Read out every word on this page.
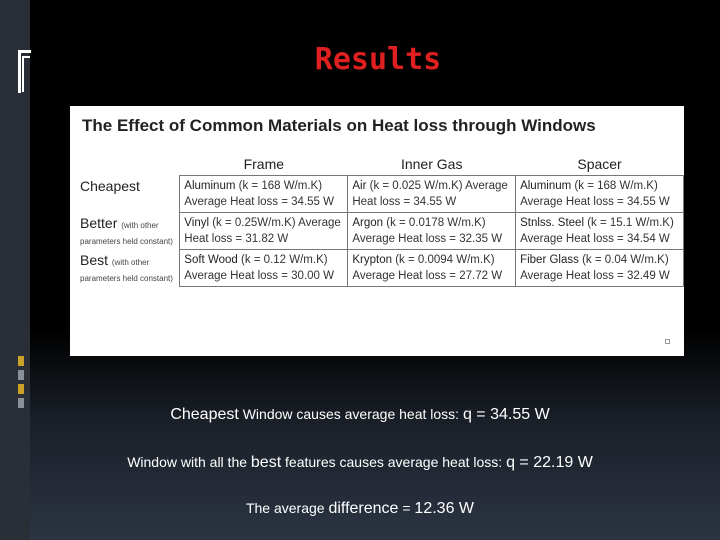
Results
The Effect of Common Materials on Heat loss through Windows
	Frame	Inner Gas	Spacer
Cheapest	Aluminum (k = 168 W/m.K) Average Heat loss = 34.55 W	Air (k = 0.025 W/m.K) Average Heat loss = 34.55 W	Aluminum (k = 168 W/m.K) Average Heat loss = 34.55 W
Better (with other parameters held constant)	Vinyl (k = 0.25W/m.K) Average Heat loss = 31.82 W	Argon (k = 0.0178 W/m.K) Average Heat loss = 32.35 W	Stnlss. Steel (k = 15.1 W/m.K) Average Heat loss = 34.54 W
Best (with other parameters held constant)	Soft Wood (k = 0.12 W/m.K) Average Heat loss = 30.00 W	Krypton (k = 0.0094 W/m.K) Average Heat loss = 27.72 W	Fiber Glass (k = 0.04 W/m.K) Average Heat loss = 32.49 W
Cheapest Window causes average heat loss: q = 34.55 W
Window with all the best features causes average heat loss: q = 22.19 W
The average difference = 12.36 W
